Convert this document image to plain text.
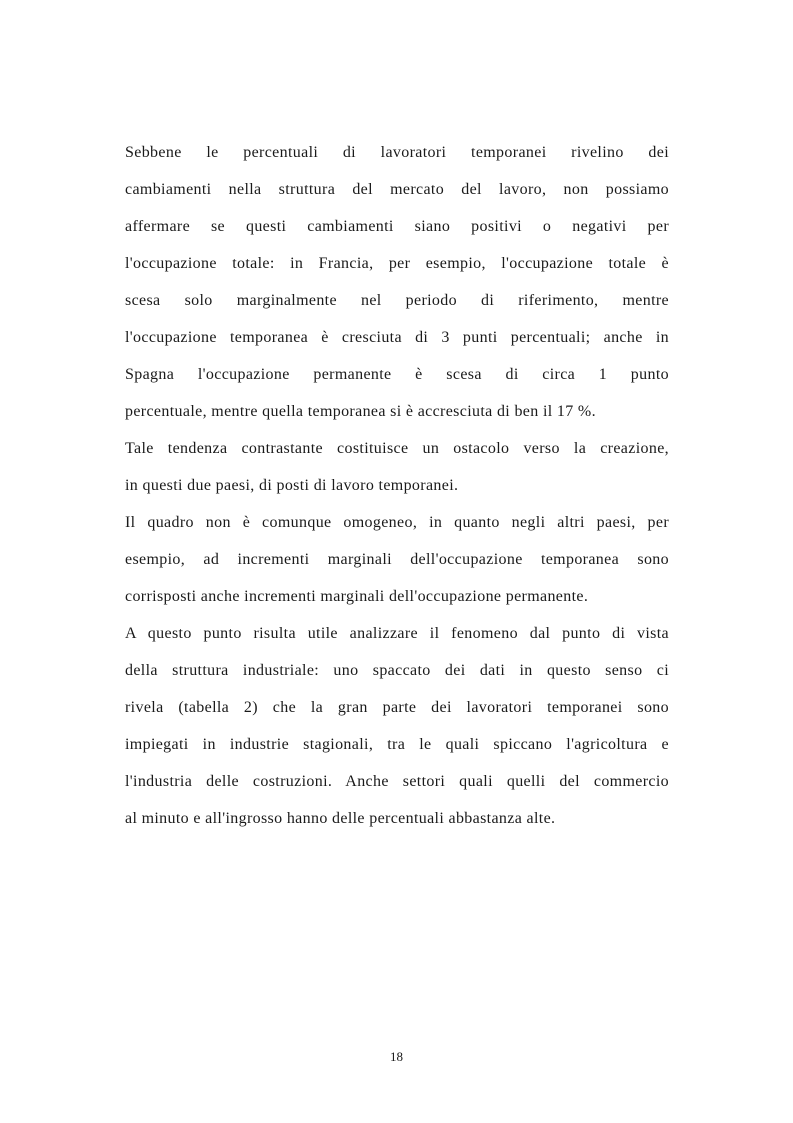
Sebbene le percentuali di lavoratori temporanei rivelino dei
cambiamenti nella struttura del mercato del lavoro, non possiamo
affermare se questi cambiamenti siano positivi o negativi per
l'occupazione totale: in Francia, per esempio, l'occupazione totale è
scesa solo marginalmente nel periodo di riferimento, mentre
l'occupazione temporanea è cresciuta di 3 punti percentuali; anche in
Spagna l'occupazione permanente è scesa di circa 1 punto
percentuale, mentre quella temporanea si è accresciuta di ben il 17 %.
Tale tendenza contrastante costituisce un ostacolo verso la creazione,
in questi due paesi, di posti di lavoro temporanei.
Il quadro non è comunque omogeneo, in quanto negli altri paesi, per
esempio, ad incrementi marginali dell'occupazione temporanea sono
corrisposti anche incrementi marginali dell'occupazione permanente.
A questo punto risulta utile analizzare il fenomeno dal punto di vista
della struttura industriale: uno spaccato dei dati in questo senso ci
rivela (tabella 2) che la gran parte dei lavoratori temporanei sono
impiegati in industrie stagionali, tra le quali spiccano l'agricoltura e
l'industria delle costruzioni. Anche settori quali quelli del commercio
al minuto e all'ingrosso hanno delle percentuali abbastanza alte.
18
